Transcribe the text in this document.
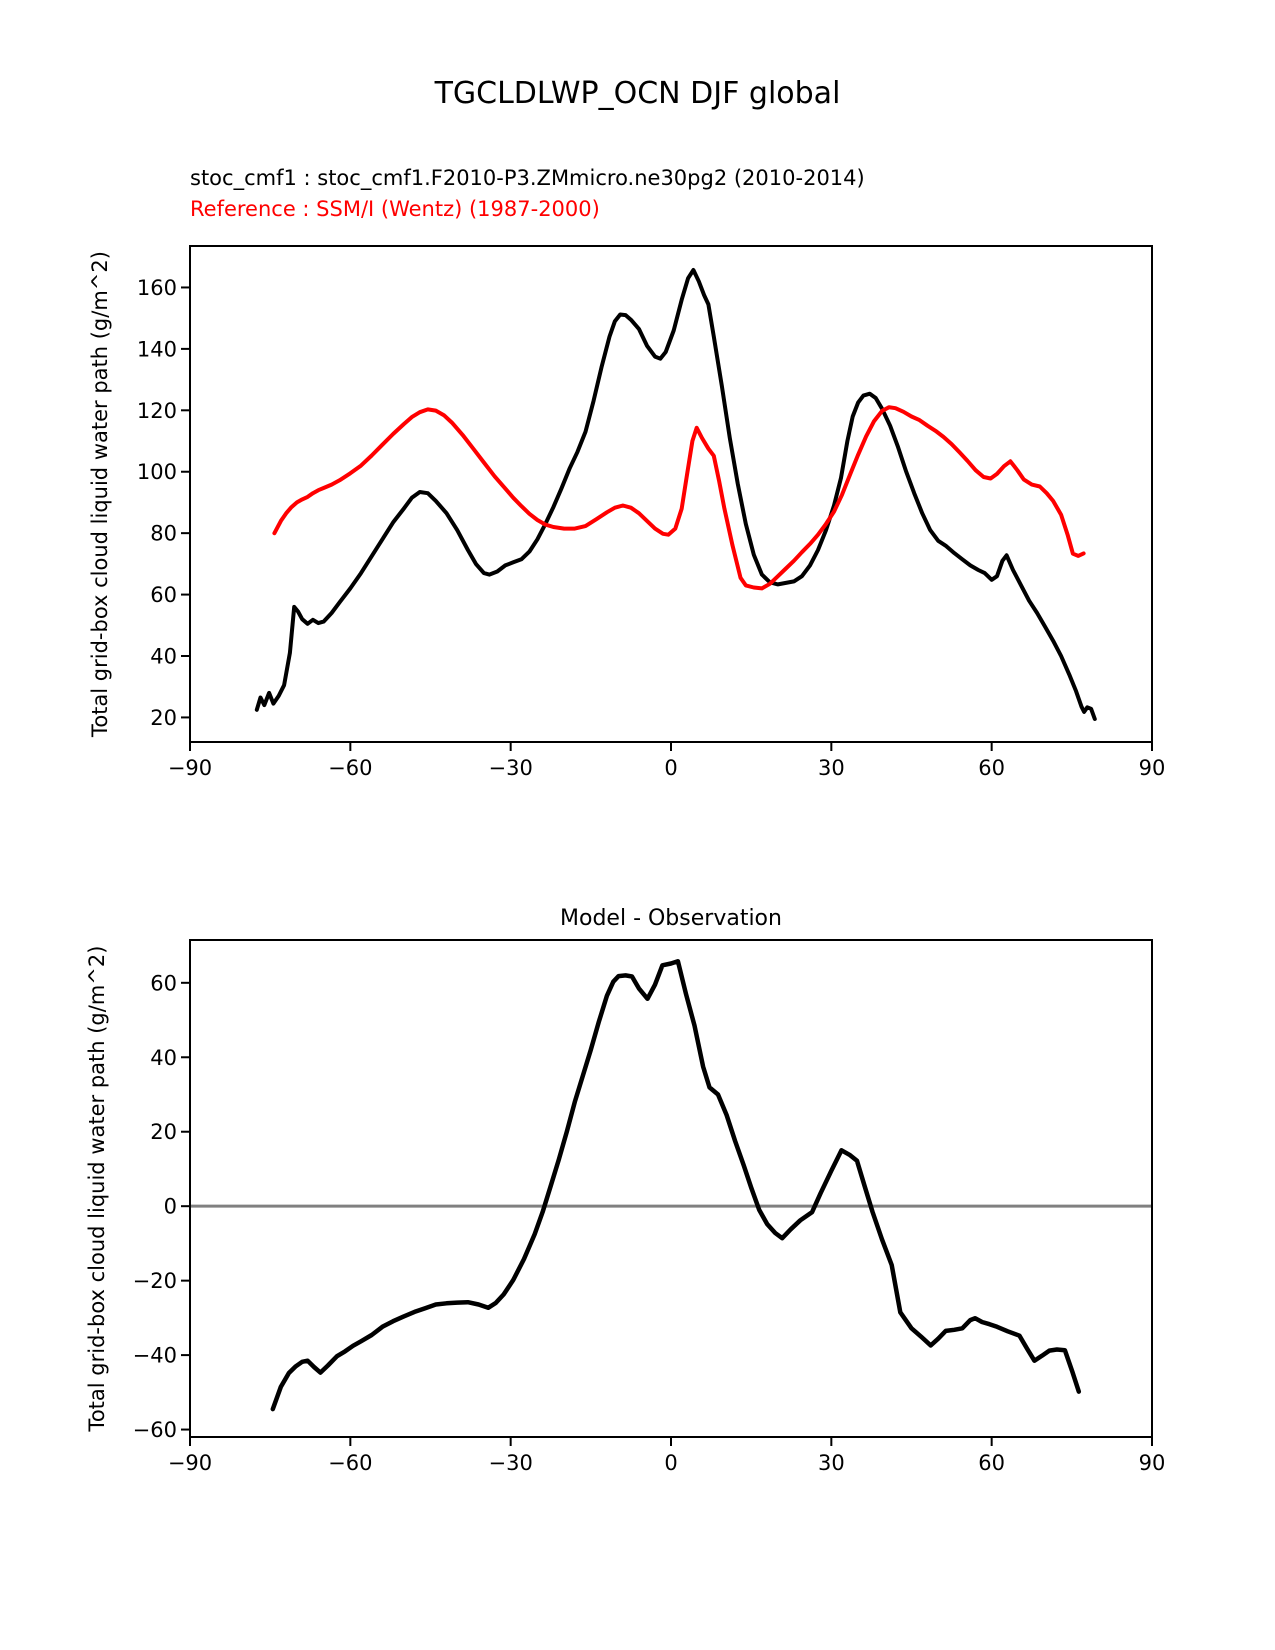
TGCLDLWP_OCN DJF global
stoc_cmf1 : stoc_cmf1.F2010-P3.ZMmicro.ne30pg2 (2010-2014)
Reference : SSM/I (Wentz) (1987-2000)
−90	−60	−30	0	30	60	90
20
40
60
80
100
120
140
160
Total grid-box cloud liquid water path (g/m^2)
Model - Observation
−90	−60	−30	0	30	60	90
−60
−40
−20
0
20
40
60
Total grid-box cloud liquid water path (g/m^2)
